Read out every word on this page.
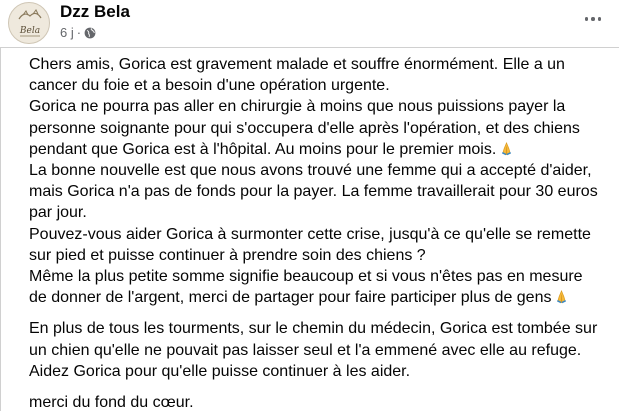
Bela
Dzz Bela
6 j ·

Chers amis, Gorica est gravement malade et souffre énormément. Elle a un cancer du foie et a besoin d'une opération urgente.
Gorica ne pourra pas aller en chirurgie à moins que nous puissions payer la personne soignante pour qui s'occupera d'elle après l'opération, et des chiens pendant que Gorica est à l'hôpital. Au moins pour le premier mois.
La bonne nouvelle est que nous avons trouvé une femme qui a accepté d'aider, mais Gorica n'a pas de fonds pour la payer. La femme travaillerait pour 30 euros par jour.
Pouvez-vous aider Gorica à surmonter cette crise, jusqu'à ce qu'elle se remette sur pied et puisse continuer à prendre soin des chiens ?
Même la plus petite somme signifie beaucoup et si vous n'êtes pas en mesure de donner de l'argent, merci de partager pour faire participer plus de gens

En plus de tous les tourments, sur le chemin du médecin, Gorica est tombée sur un chien qu'elle ne pouvait pas laisser seul et l'a emmené avec elle au refuge. Aidez Gorica pour qu'elle puisse continuer à les aider.

merci du fond du cœur.
